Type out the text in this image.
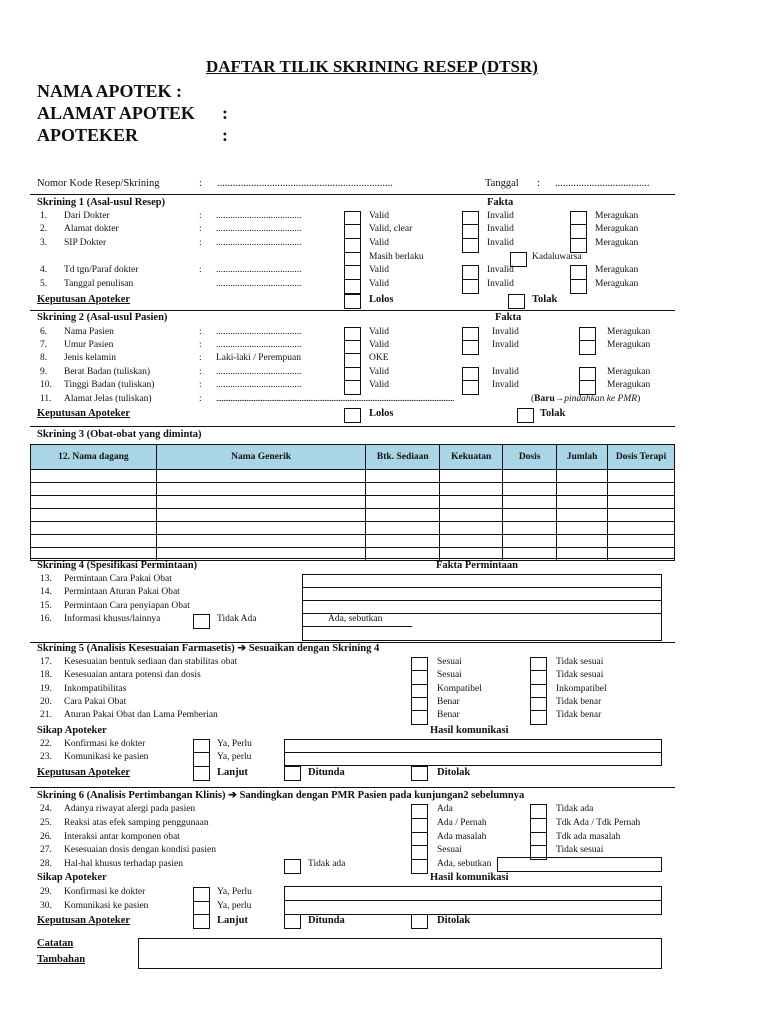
DAFTAR TILIK SKRINING RESEP (DTSR)
NAMA APOTEK :
ALAMAT APOTEK :
APOTEKER	:
Nomor Kode Resep/Skrining	: ...................................................................	Tanggal : ....................................
Skrining 1 (Asal-usul Resep)	Fakta
1. Dari Dokter	: ....................................	Valid	Invalid	Meragukan
2. Alamat dokter	: ....................................	Valid, clear	Invalid	Meragukan
3. SIP Dokter	: ....................................	Valid	Invalid	Meragukan
Masih berlaku	Kadaluwarsa
4. Td tgn/Paraf dokter	: ....................................	Valid	Invalid	Meragukan
5. Tanggal penulisan	....................................	Valid	Invalid	Meragukan
Keputusan Apoteker	Lolos	Tolak
Skrining 2 (Asal-usul Pasien)	Fakta
6. Nama Pasien	: ....................................	Valid	Invalid	Meragukan
7. Umur Pasien	: ....................................	Valid	Invalid	Meragukan
8. Jenis kelamin	: Laki-laki / Perempuan	OKE
9. Berat Badan (tuliskan)	: ....................................	Valid	Invalid	Meragukan
10. Tinggi Badan (tuliskan)	: ....................................	Valid	Invalid	Meragukan
11. Alamat Jelas (tuliskan)	: ......................................................................................................................................	(Baru→pindahkan ke PMR)
Keputusan Apoteker	Lolos	Tolak
Skrining 3 (Obat-obat yang diminta)
12. Nama dagang	Nama Generik	Btk. Sediaan	Kekuatan	Dosis	Jumlah	Dosis Terapi

Skrining 4 (Spesifikasi Permintaan)	Fakta Permintaan
13. Permintaan Cara Pakai Obat
14. Permintaan Aturan Pakai Obat
15. Permintaan Cara penyiapan Obat
16. Informasi khusus/lainnya	Tidak Ada	Ada, sebutkan
Skrining 5 (Analisis Kesesuaian Farmasetis) ➔ Sesuaikan dengan Skrining 4
17. Kesesuaian bentuk sediaan dan stabilitas obat	Sesuai	Tidak sesuai
18. Kesesuaian antara potensi dan dosis	Sesuai	Tidak sesuai
19. Inkompatibilitas	Kompatibel	Inkompatibel
20. Cara Pakai Obat	Benar	Tidak benar
21. Aturan Pakai Obat dan Lama Pemberian	Benar	Tidak benar
Sikap Apoteker	Hasil komunikasi
22. Konfirmasi ke dokter	Ya, Perlu
23. Komunikasi ke pasien	Ya, perlu
Keputusan Apoteker	Lanjut	Ditunda	Ditolak
Skrining 6 (Analisis Pertimbangan Klinis) ➔ Sandingkan dengan PMR Pasien pada kunjungan2 sebelumnya
24. Adanya riwayat alergi pada pasien	Ada	Tidak ada
25. Reaksi atas efek samping penggunaan	Ada / Pernah	Tdk Ada / Tdk Pernah
26. Interaksi antar komponen obat	Ada masalah	Tdk ada masalah
27. Kesesuaian dosis dengan kondisi pasien	Sesuai	Tidak sesuai
28. Hal-hal khusus terhadap pasien	Tidak ada	Ada, sebutkan
Sikap Apoteker	Hasil komunikasi
29. Konfirmasi ke dokter	Ya, Perlu
30. Komunikasi ke pasien	Ya, perlu
Keputusan Apoteker	Lanjut	Ditunda	Ditolak
Catatan
Tambahan
